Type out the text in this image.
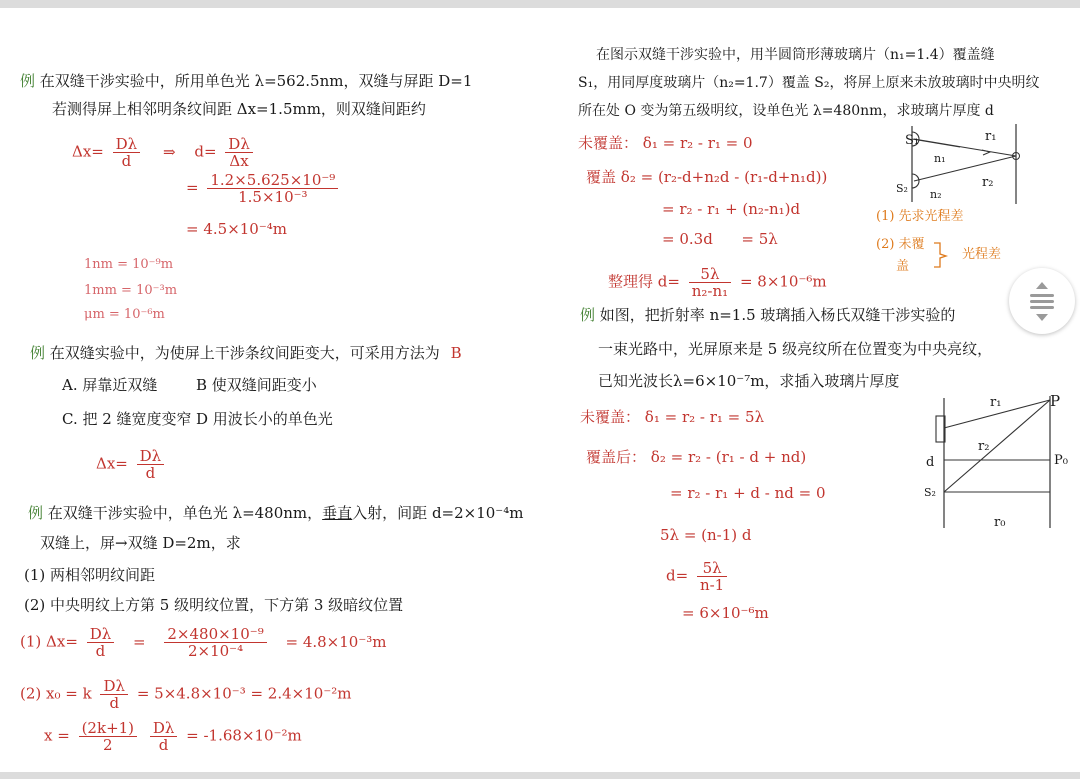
例 在双缝干涉实验中，所用单色光 λ=562.5nm，双缝与屏距 D=1
若测得屏上相邻明条纹间距 Δx=1.5mm，则双缝间距约
$\Delta x= \frac{D\lambda}{d}$ ⇒ $d= \frac{D\lambda}{\Delta x}$
= $\frac{\text{1.2×5.625×10⁻⁹}}{\text{1.5×10⁻³}}$
= 4.5×10⁻⁴m
1nm = 10⁻⁹m
1mm = 10⁻³m
μm = 10⁻⁶m
例 在双缝实验中，为使屏上干涉条纹间距变大，可采用方法为 B
A. 屏靠近双缝	B 使双缝间距变小
C. 把 2 缝宽度变窄 D 用波长小的单色光
$\Delta x= \frac{D\lambda}{d}$
例 在双缝干涉实验中，单色光 λ=480nm，垂直入射，间距 d=2×10⁻⁴m
双缝上，屏→双缝 D=2m，求
(1) 两相邻明纹间距
(2) 中央明纹上方第 5 级明纹位置，下方第 3 级暗纹位置
(1) $\Delta x= \frac{D\lambda}{d} = \frac{\text{2×480×10⁻⁹}}{\text{2×10⁻⁴}} = 4.8\times 10^{-3}m$
(2) x₀ = k $\frac{D\lambda}{d} = 5\times 4.8\times 10^{-3} = 2.4\times 10^{-2}m$
$x = \frac{(2k+1)}{2}$
$\frac{D\lambda}{d} = -1.68\times 10^{-2}m$
在图示双缝干涉实验中，用半圆筒形薄玻璃片（n₁=1.4）覆盖缝
S₁，用同厚度玻璃片（n₂=1.7）覆盖 S₂，将屏上原来未放玻璃时中央明纹
所在处 O 变为第五级明纹，设单色光 λ=480nm，求玻璃片厚度 d
未覆盖： δ₁ = r₂ - r₁ = 0
覆盖 δ₂ = (r₂-d+n₂d - (r₁-d+n₁d))
= r₂ - r₁ + (n₂-n₁)d
= 0.3d      = 5λ
整理得 $d= \frac{5\lambda}{\text{n₂-n₁}} = 8\times 10^{-6}m$
(1) 先求光程差
(2) 未覆
盖
光程差
S₁
n₁
r₁
S₂ n₂
r₂
例 如图，把折射率 n=1.5 玻璃插入杨氏双缝干涉实验的
一束光路中，光屏原来是 5 级亮纹所在位置变为中央亮纹，
已知光波长λ=6×10⁻⁷m，求插入玻璃片厚度
未覆盖： δ₁ = r₂ - r₁ = 5λ
覆盖后： δ₂ = r₂ - (r₁ - d + nd)
= r₂ - r₁ + d - nd = 0
5λ = (n-1) d
$d= \frac{5\lambda}{n-1}$
= 6×10⁻⁶m
P
r₁
r₂
d	P₀
S₂
r₀
